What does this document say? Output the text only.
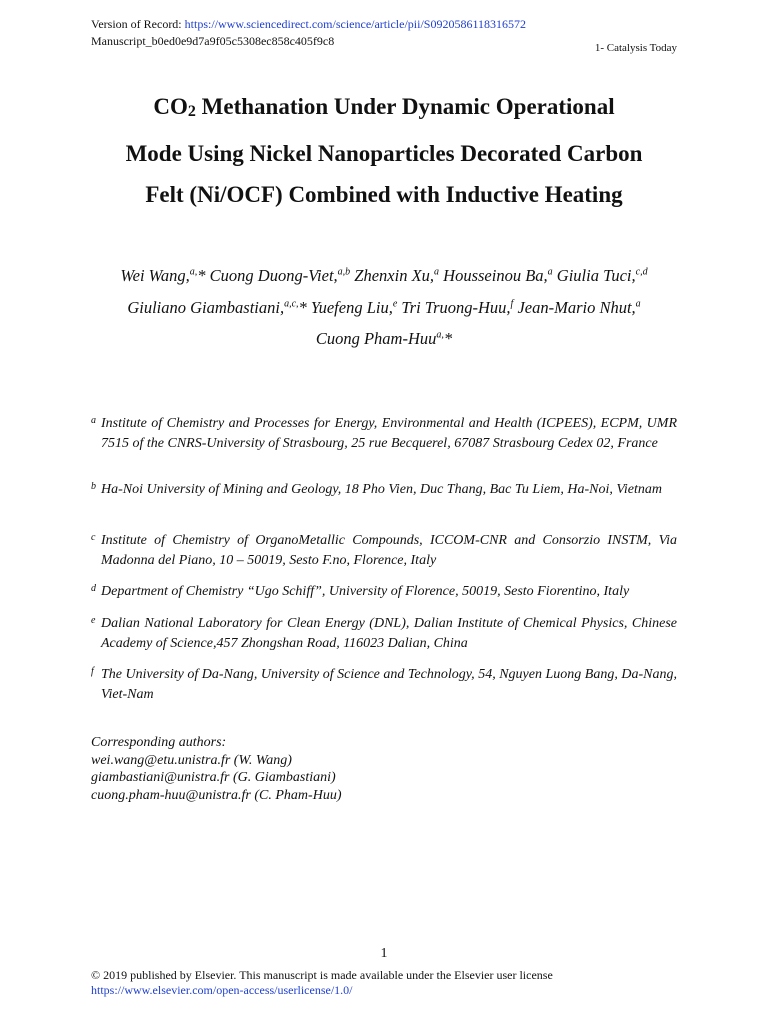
Version of Record: https://www.sciencedirect.com/science/article/pii/S0920586118316572
Manuscript_b0ed0e9d7a9f05c5308ec858c405f9c8	1- Catalysis Today
CO2 Methanation Under Dynamic Operational
Mode Using Nickel Nanoparticles Decorated Carbon
Felt (Ni/OCF) Combined with Inductive Heating
Wei Wang,$^{a,}$* Cuong Duong-Viet,$^{a,b}$ Zhenxin Xu,$^a$ Housseinou Ba,$^a$ Giulia Tuci,$^{c,d}$
Giuliano Giambastiani,$^{a,c,}$* Yuefeng Liu,$^e$ Tri Truong-Huu,$^f$ Jean-Mario Nhut,$^a$
Cuong Pham-Huu$^{a,}$*
a Institute of Chemistry and Processes for Energy, Environmental and Health (ICPEES), ECPM, UMR 7515 of the CNRS-University of Strasbourg, 25 rue Becquerel, 67087 Strasbourg Cedex 02, France
b Ha-Noi University of Mining and Geology, 18 Pho Vien, Duc Thang, Bac Tu Liem, Ha-Noi, Vietnam
c Institute of Chemistry of OrganoMetallic Compounds, ICCOM-CNR and Consorzio INSTM, Via Madonna del Piano, 10 – 50019, Sesto F.no, Florence, Italy
d Department of Chemistry “Ugo Schiff”, University of Florence, 50019, Sesto Fiorentino, Italy
e Dalian National Laboratory for Clean Energy (DNL), Dalian Institute of Chemical Physics, Chinese Academy of Science,457 Zhongshan Road, 116023 Dalian, China
f The University of Da-Nang, University of Science and Technology, 54, Nguyen Luong Bang, Da-Nang, Viet-Nam
Corresponding authors:
wei.wang@etu.unistra.fr (W. Wang)
giambastiani@unistra.fr (G. Giambastiani)
cuong.pham-huu@unistra.fr (C. Pham-Huu)
1
© 2019 published by Elsevier. This manuscript is made available under the Elsevier user license
https://www.elsevier.com/open-access/userlicense/1.0/
